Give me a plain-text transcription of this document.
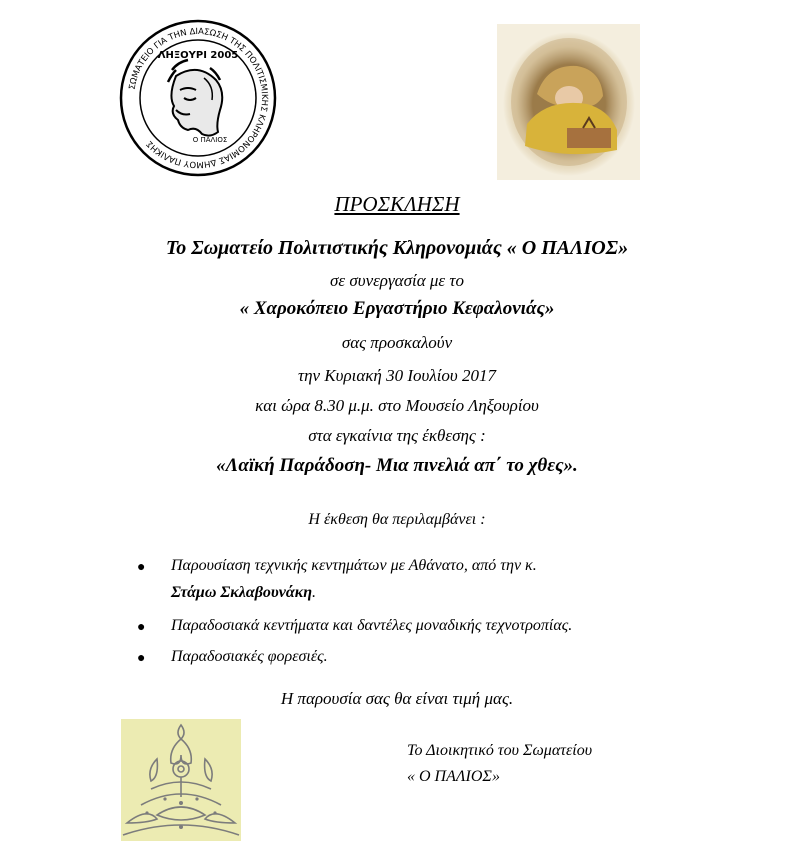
ΣΩΜΑΤΕΙΟ ΓΙΑ ΤΗΝ ΔΙΑΣΩΣΗ ΤΗΣ ΠΟΛΙΤΙΣΜΙΚΗΣ ΚΛΗΡΟΝΟΜΙΑΣ ΔΗΜΟΥ ΠΑΛΙΚΗΣ
ΛΗΞΟΥΡΙ 2005
Ο ΠΑΛΙΟΣ
ΠΡΟΣΚΛΗΣΗ
Το Σωματείο Πολιτιστικής Κληρονομιάς « Ο ΠΑΛΙΟΣ»
σε συνεργασία με το
« Χαροκόπειο Εργαστήριο Κεφαλονιάς»
σας προσκαλούν
την Κυριακή 30 Ιουλίου 2017
και ώρα 8.30 μ.μ. στο Μουσείο Ληξουρίου
στα εγκαίνια της έκθεσης :
«Λαϊκή Παράδοση- Μια πινελιά απ΄ το χθες».
Η έκθεση θα περιλαμβάνει :
● Παρουσίαση τεχνικής κεντημάτων με Αθάνατο, από την κ.
Στάμω Σκλαβουνάκη.
● Παραδοσιακά κεντήματα και δαντέλες μοναδικής τεχνοτροπίας.
● Παραδοσιακές φορεσιές.
Η παρουσία σας θα είναι τιμή μας.
Το Διοικητικό του Σωματείου
« Ο ΠΑΛΙΟΣ»
